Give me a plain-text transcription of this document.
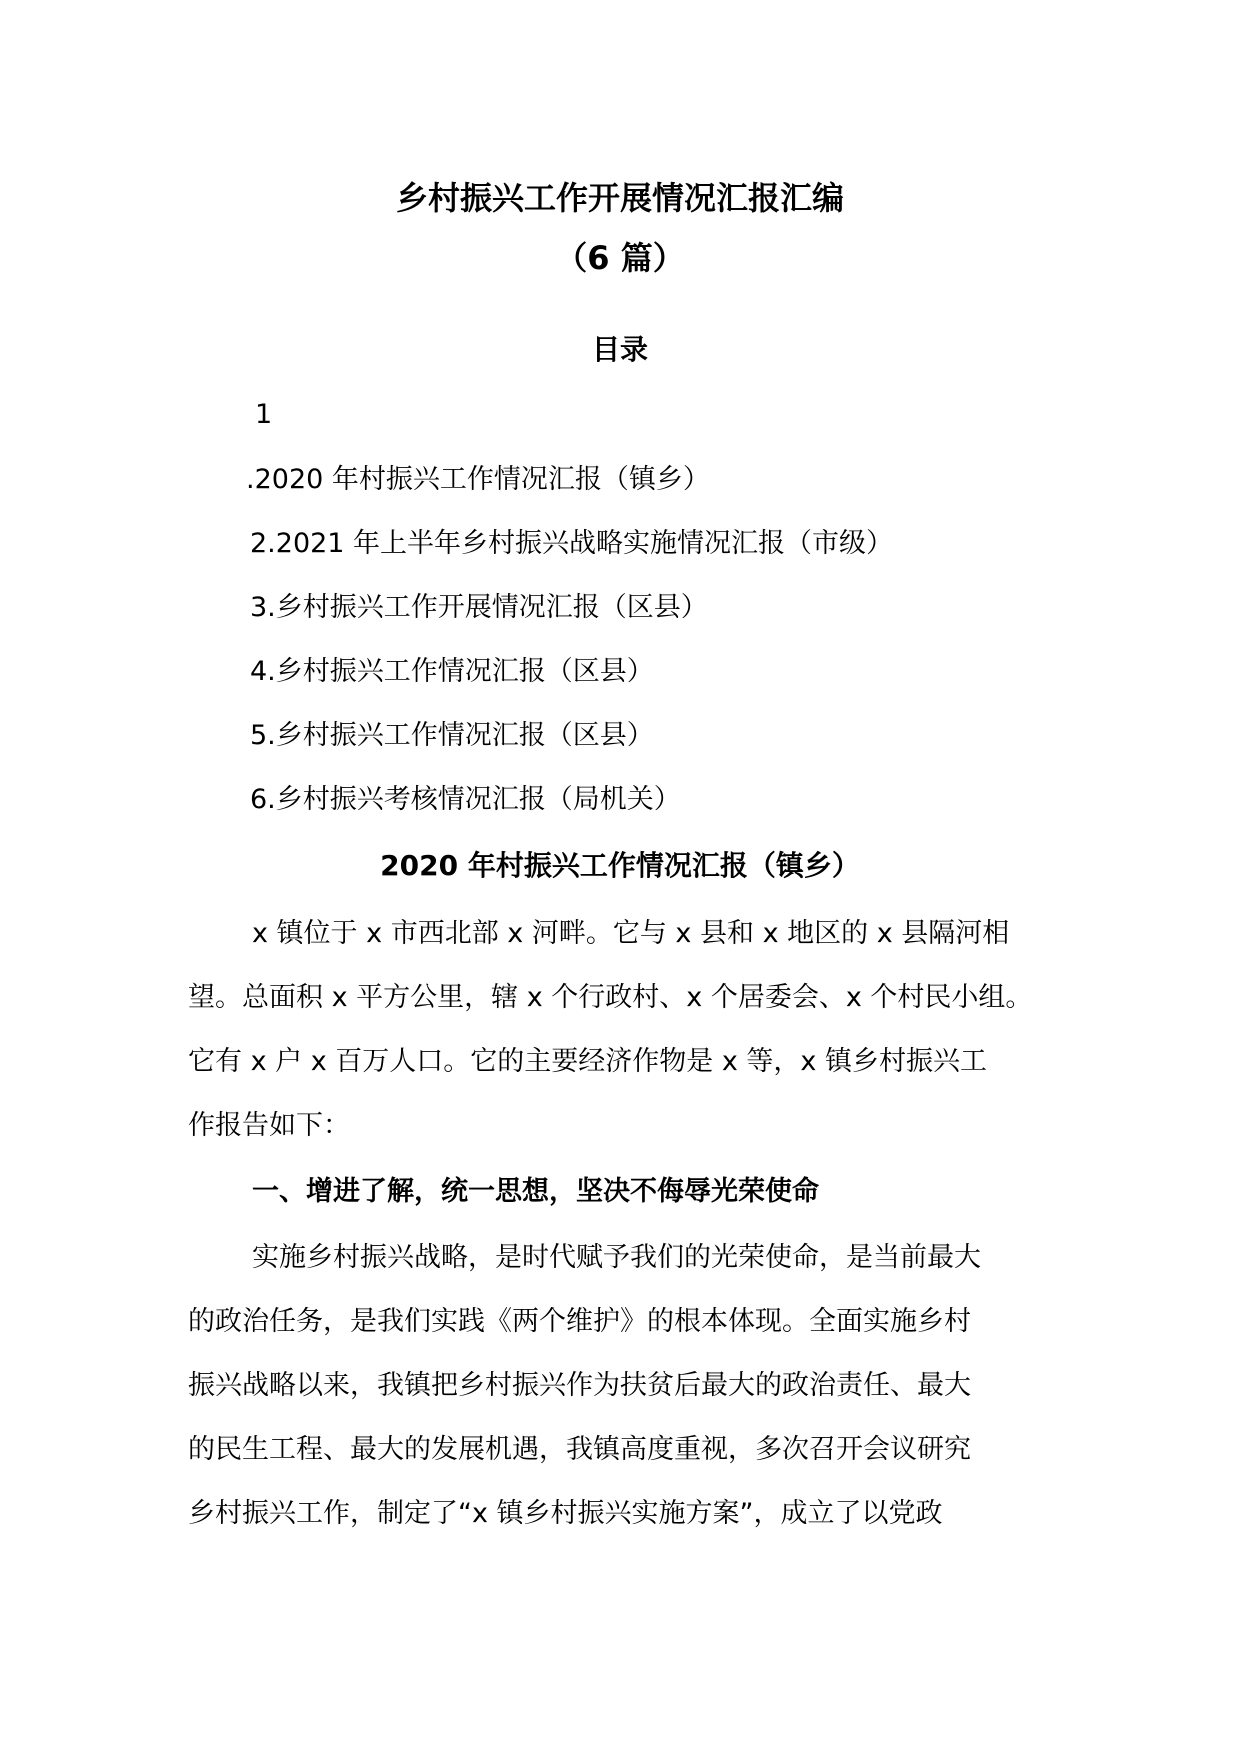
乡村振兴工作开展情况汇报汇编
（6 篇）
目录
1
.2020 年村振兴工作情况汇报（镇乡）
2.2021 年上半年乡村振兴战略实施情况汇报（市级）
3.乡村振兴工作开展情况汇报（区县）
4.乡村振兴工作情况汇报（区县）
5.乡村振兴工作情况汇报（区县）
6.乡村振兴考核情况汇报（局机关）
2020 年村振兴工作情况汇报（镇乡）
x 镇位于 x 市西北部 x 河畔。它与 x 县和 x 地区的 x 县隔河相
望。总面积 x 平方公里，辖 x 个行政村、x 个居委会、x 个村民小组。
它有 x 户 x 百万人口。它的主要经济作物是 x 等，x 镇乡村振兴工
作报告如下：
一、增进了解，统一思想，坚决不侮辱光荣使命
实施乡村振兴战略，是时代赋予我们的光荣使命，是当前最大
的政治任务，是我们实践《两个维护》的根本体现。全面实施乡村
振兴战略以来，我镇把乡村振兴作为扶贫后最大的政治责任、最大
的民生工程、最大的发展机遇，我镇高度重视，多次召开会议研究
乡村振兴工作，制定了“x 镇乡村振兴实施方案”，成立了以党政
